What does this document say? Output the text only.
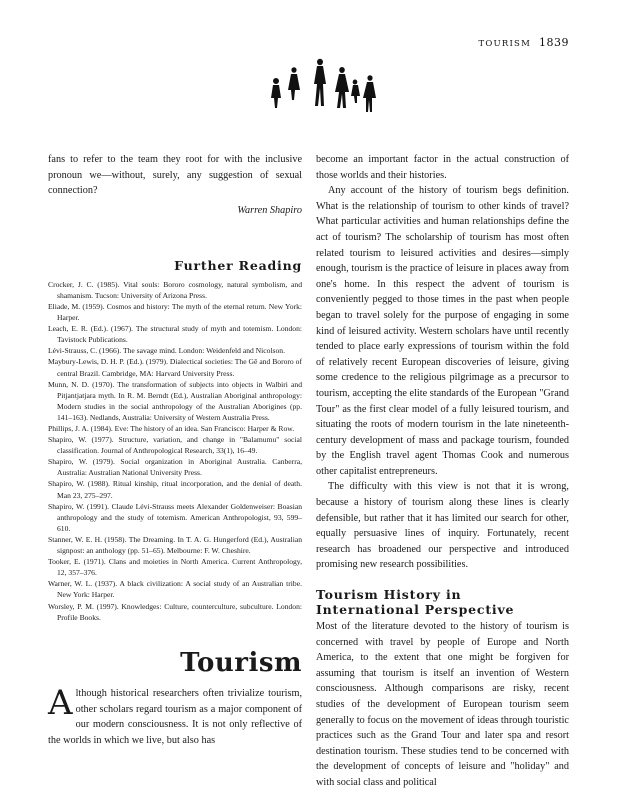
TOURISM 1839

fans to refer to the team they root for with the inclusive pronoun we—without, surely, any suggestion of sexual connection?

Warren Shapiro

Further Reading
Crocker, J. C. (1985). Vital souls: Bororo cosmology, natural symbolism, and shamanism. Tucson: University of Arizona Press.
Eliade, M. (1959). Cosmos and history: The myth of the eternal return. New York: Harper.
Leach, E. R. (Ed.). (1967). The structural study of myth and totemism. London: Tavistock Publications.
Lévi-Strauss, C. (1966). The savage mind. London: Weidenfeld and Nicolson.
Maybury-Lewis, D. H. P. (Ed.). (1979). Dialectical societies: The Gê and Bororo of central Brazil. Cambridge, MA: Harvard University Press.
Munn, N. D. (1970). The transformation of subjects into objects in Walbiri and Pitjantjatjara myth. In R. M. Berndt (Ed.), Australian Aboriginal anthropology: Modern studies in the social anthropology of the Australian Aborigines (pp. 141–163). Nedlands, Australia: University of Western Australia Press.
Phillips, J. A. (1984). Eve: The history of an idea. San Francisco: Harper & Row.
Shapiro, W. (1977). Structure, variation, and change in "Balamumu" social classification. Journal of Anthropological Research, 33(1), 16–49.
Shapiro, W. (1979). Social organization in Aboriginal Australia. Canberra, Australia: Australian National University Press.
Shapiro, W. (1988). Ritual kinship, ritual incorporation, and the denial of death. Man 23, 275–297.
Shapiro, W. (1991). Claude Lévi-Strauss meets Alexander Goldenweiser: Boasian anthropology and the study of totemism. American Anthropologist, 93, 599–610.
Stanner, W. E. H. (1958). The Dreaming. In T. A. G. Hungerford (Ed.), Australian signpost: an anthology (pp. 51–65). Melbourne: F. W. Cheshire.
Tooker, E. (1971). Clans and moieties in North America. Current Anthropology, 12, 357–376.
Warner, W. L. (1937). A black civilization: A social study of an Australian tribe. New York: Harper.
Worsley, P. M. (1997). Knowledges: Culture, counterculture, subculture. London: Profile Books.
Tourism
A lthough historical researchers often trivialize tourism, other scholars regard tourism as a major component of our modern consciousness. It is not only reflective of the worlds in which we live, but also has

become an important factor in the actual construction of those worlds and their histories.

Any account of the history of tourism begs definition. What is the relationship of tourism to other kinds of travel? What particular activities and human relationships define the act of tourism? The scholarship of tourism has most often related tourism to leisured activities and desires—simply enough, tourism is the practice of leisure in places away from one's home. In this respect the advent of tourism is conveniently pegged to those times in the past when people began to travel solely for the purpose of engaging in some kind of leisured activity. Western scholars have until recently tended to place early expressions of tourism within the fold of relatively recent European discoveries of leisure, giving some credence to the religious pilgrimage as a precursor to tourism, accepting the elite standards of the European "Grand Tour" as the first clear model of a fully leisured tourism, and situating the roots of modern tourism in the late nineteenth-century development of mass and package tourism, founded by the English travel agent Thomas Cook and numerous other capitalist entrepreneurs.

The difficulty with this view is not that it is wrong, because a history of tourism along these lines is clearly defensible, but rather that it has limited our search for other, equally persuasive lines of inquiry. Fortunately, recent research has broadened our perspective and introduced promising new research possibilities.

Tourism History in International Perspective

Most of the literature devoted to the history of tourism is concerned with travel by people of Europe and North America, to the extent that one might be forgiven for assuming that tourism is itself an invention of Western consciousness. Although comparisons are risky, recent studies of the development of European tourism seem generally to focus on the movement of ideas through touristic practices such as the Grand Tour and later spa and resort destination tourism. These studies tend to be concerned with the development of concepts of leisure and "holiday" and with social class and political
